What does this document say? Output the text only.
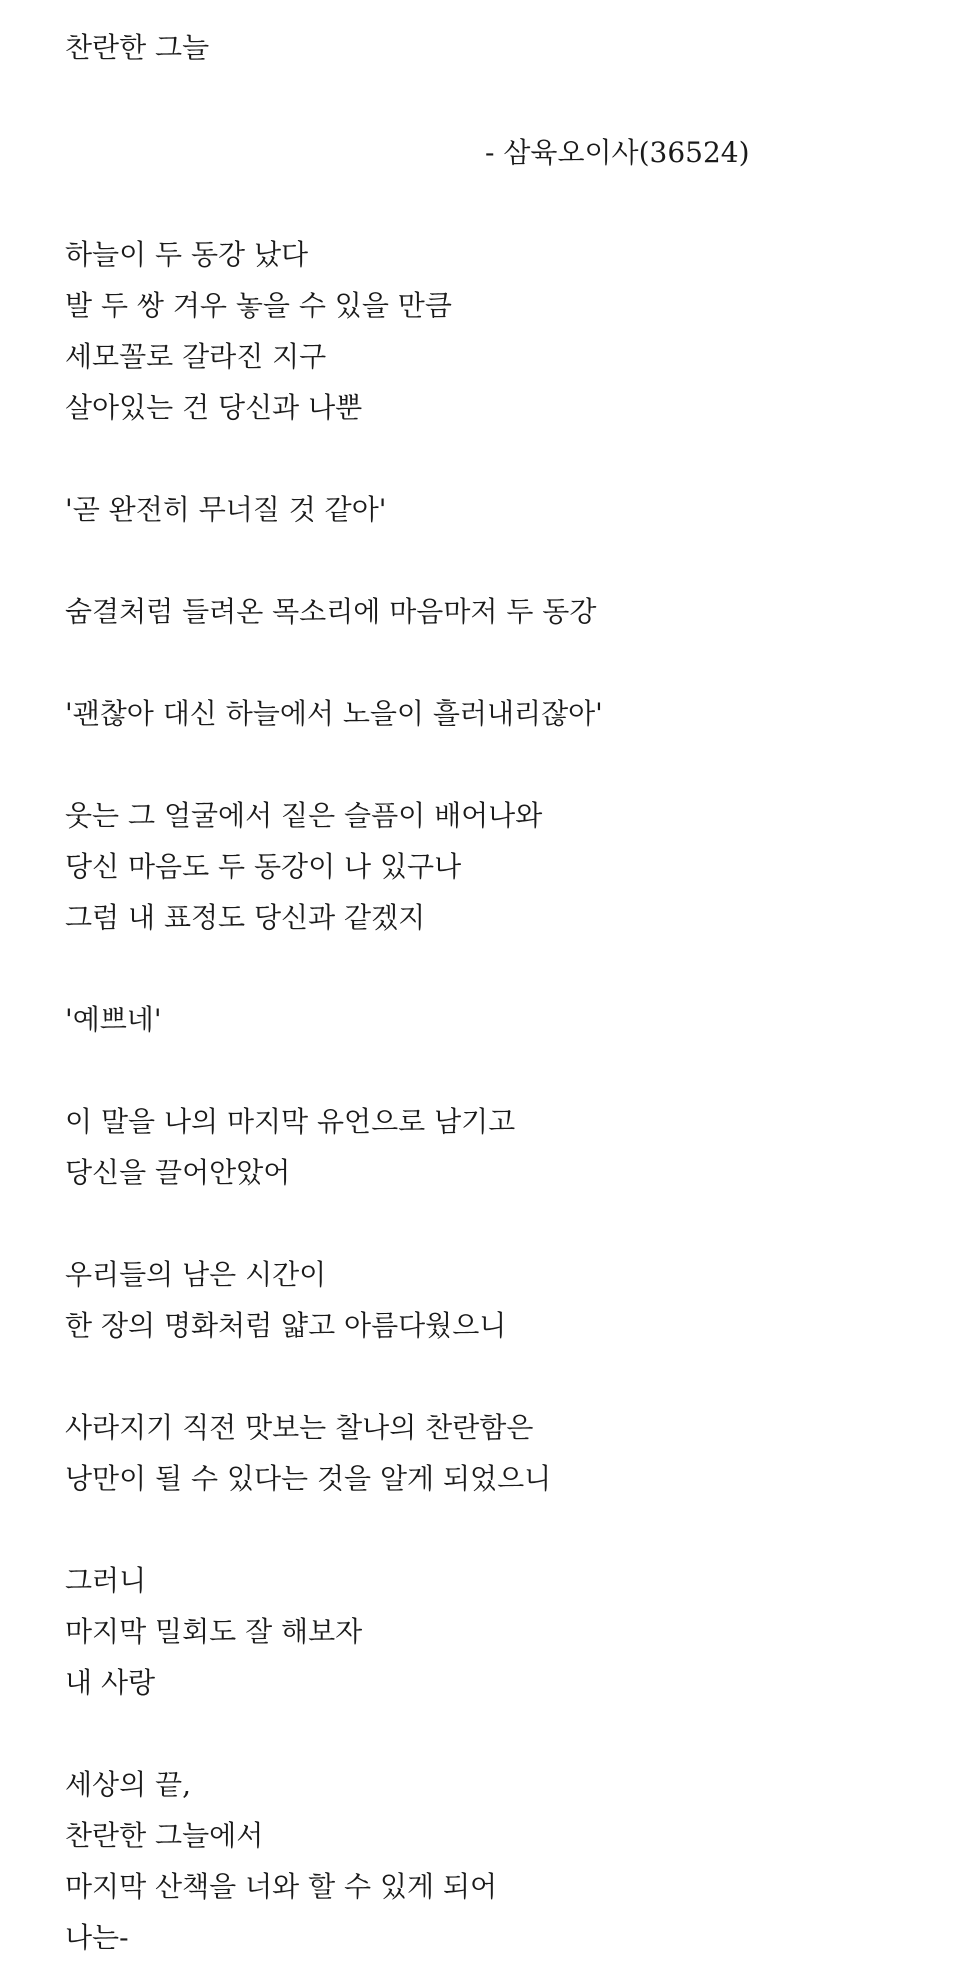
찬란한 그늘
- 삼육오이사(36524)
하늘이 두 동강 났다
발 두 쌍 겨우 놓을 수 있을 만큼
세모꼴로 갈라진 지구
살아있는 건 당신과 나뿐
'곧 완전히 무너질 것 같아'
숨결처럼 들려온 목소리에 마음마저 두 동강
'괜찮아 대신 하늘에서 노을이 흘러내리잖아'
웃는 그 얼굴에서 짙은 슬픔이 배어나와
당신 마음도 두 동강이 나 있구나
그럼 내 표정도 당신과 같겠지
'예쁘네'
이 말을 나의 마지막 유언으로 남기고
당신을 끌어안았어
우리들의 남은 시간이
한 장의 명화처럼 얇고 아름다웠으니
사라지기 직전 맛보는 찰나의 찬란함은
낭만이 될 수 있다는 것을 알게 되었으니
그러니
마지막 밀회도 잘 해보자
내 사랑
세상의 끝,
찬란한 그늘에서
마지막 산책을 너와 할 수 있게 되어
나는-
